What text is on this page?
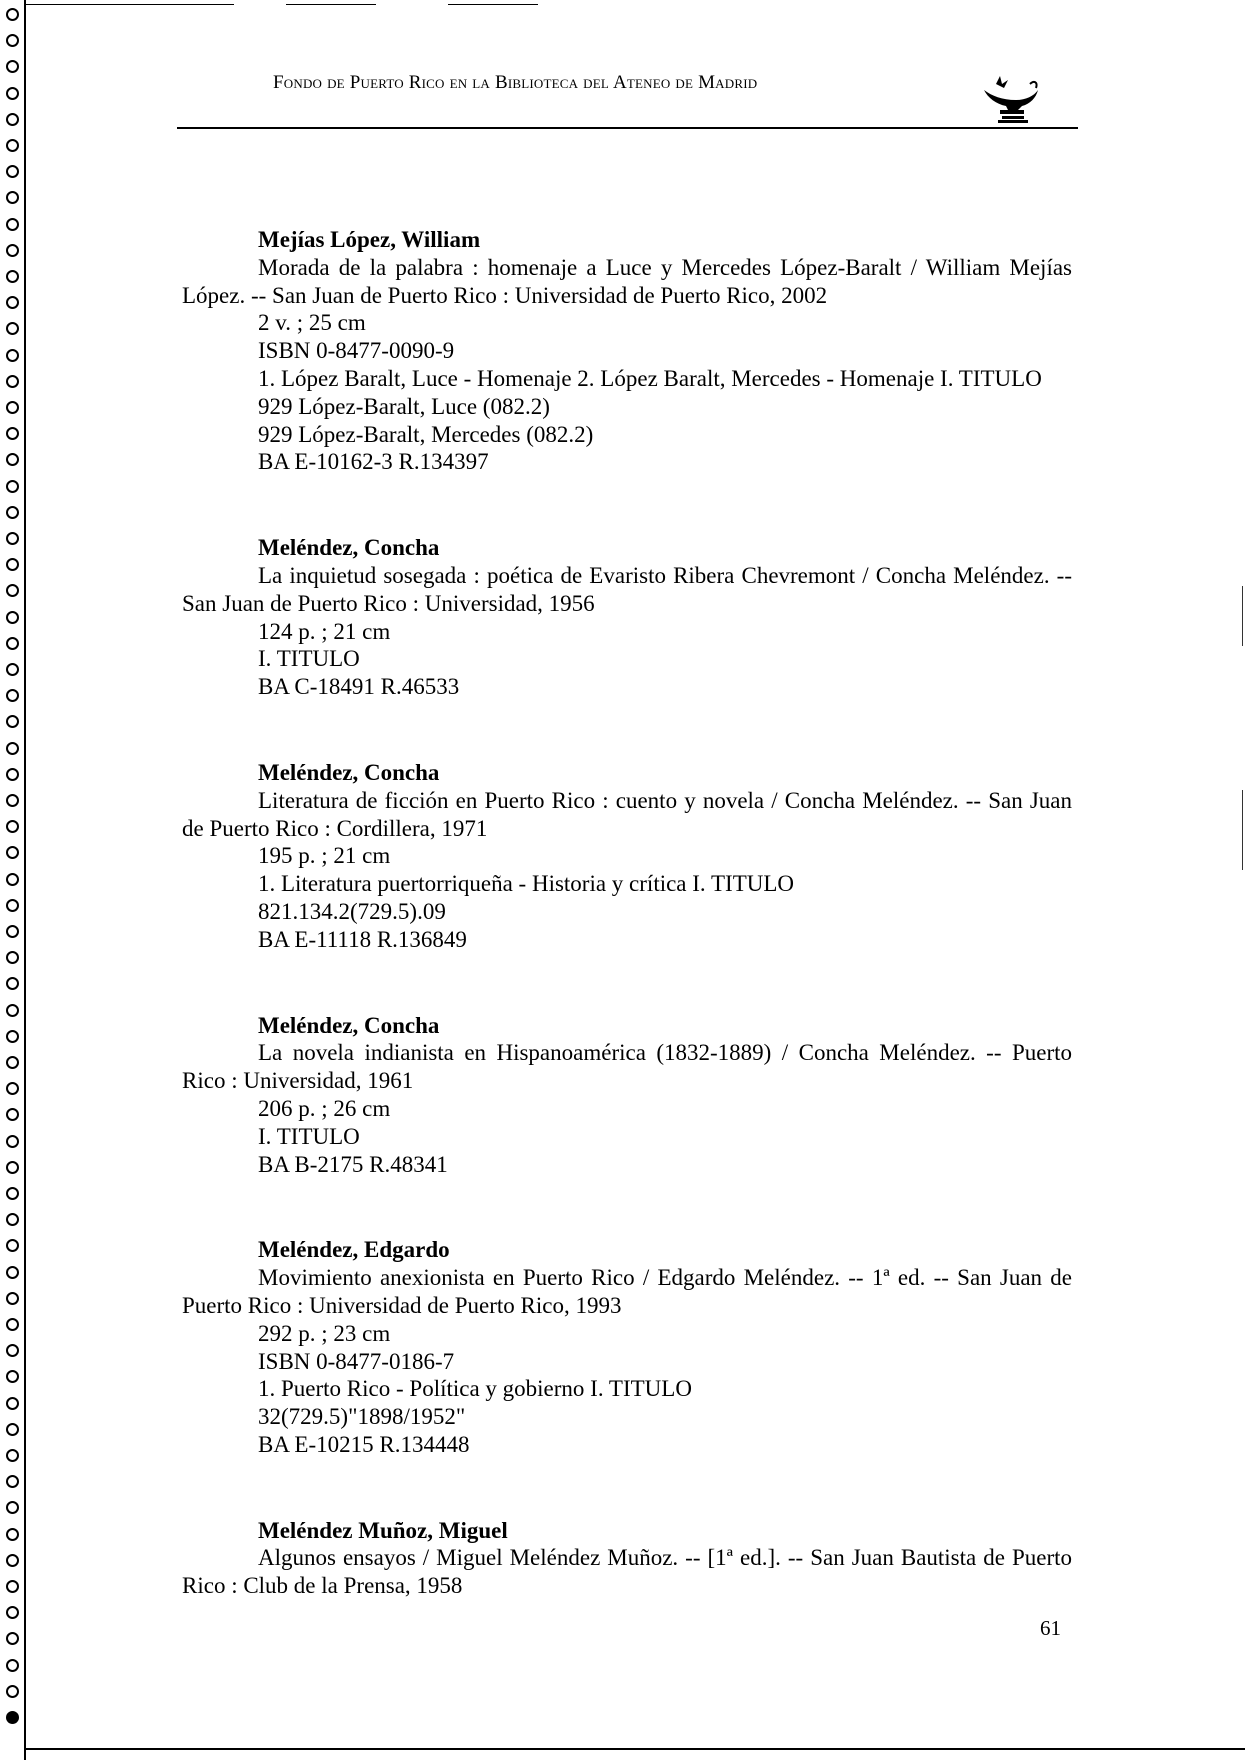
Fondo de Puerto Rico en la Biblioteca del Ateneo de Madrid

Mejías López, William

Morada de la palabra : homenaje a Luce y Mercedes López-Baralt / William Mejías López. -- San Juan de Puerto Rico : Universidad de Puerto Rico, 2002

2 v. ; 25 cm

ISBN 0-8477-0090-9

1. López Baralt, Luce - Homenaje 2. López Baralt, Mercedes - Homenaje I. TITULO

929 López-Baralt, Luce (082.2)

929 López-Baralt, Mercedes (082.2)

BA E-10162-3 R.134397

Meléndez, Concha

La inquietud sosegada : poética de Evaristo Ribera Chevremont / Concha Meléndez. -- San Juan de Puerto Rico : Universidad, 1956

124 p. ; 21 cm

I. TITULO

BA C-18491 R.46533

Meléndez, Concha

Literatura de ficción en Puerto Rico : cuento y novela / Concha Meléndez. -- San Juan de Puerto Rico : Cordillera, 1971

195 p. ; 21 cm

1. Literatura puertorriqueña - Historia y crítica I. TITULO

821.134.2(729.5).09

BA E-11118 R.136849

Meléndez, Concha

La novela indianista en Hispanoamérica (1832-1889) / Concha Meléndez. -- Puerto Rico : Universidad, 1961

206 p. ; 26 cm

I. TITULO

BA B-2175 R.48341

Meléndez, Edgardo

Movimiento anexionista en Puerto Rico / Edgardo Meléndez. -- 1ª ed. -- San Juan de Puerto Rico : Universidad de Puerto Rico, 1993

292 p. ; 23 cm

ISBN 0-8477-0186-7

1. Puerto Rico - Política y gobierno I. TITULO

32(729.5)"1898/1952"

BA E-10215 R.134448

Meléndez Muñoz, Miguel

Algunos ensayos / Miguel Meléndez Muñoz. -- [1ª ed.]. -- San Juan Bautista de Puerto Rico : Club de la Prensa, 1958

61
